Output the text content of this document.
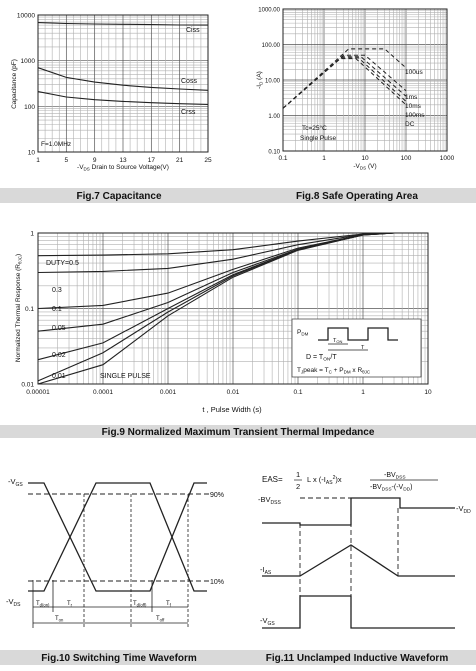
Ciss
Coss
Crss
F=1.0MHz
10000
1000
100
10
1	5	9	13	17	21	25
Capacitance (pF)
$-V_{DS}$ Drain to Source Voltage(V)
Fig.7 Capacitance
100us
1ms
10ms
100ms
DC
Tc=25°C
Single Pulse
1000.00
100.00
10.00
1.00
0.10
0.1	1	10	100	1000
$-I_D$ (A)
$-V_{DS}$ (V)
Fig.8 Safe Operating Area
DUTY=0.5
0.3
0.1
0.05
0.02
0.01	SINGLE PULSE
$P_{DM}$
$T_{ON}$
T
$D = T_{ON}/T$
$T_Jpeak = T_C + P_{DM}$ x $R_{\theta JC}$
1
0.1
0.01
0.00001	0.0001	0.001	0.01	0.1	1	10
Normalized Thermal Response $(R_{\theta JC})$
t , Pulse Width (s)
Fig.9 Normalized Maximum Transient Thermal Impedance
$-V_{GS}$
$-V_{DS}$
90%
10%
$T_{d(on)}$	$T_r$	$T_{d(off)}$	$T_f$
$T_{on}$	$T_{off}$
Fig.10 Switching Time Waveform
EAS=
1
2
L x $(-I_{AS}^2)x$	$-BV_{DSS}$
$-BV_{DSS}-(-V_{DD})$
$-BV_{DSS}$
$-V_{DD}$
$-I_{AS}$
$-V_{GS}$
Fig.11 Unclamped Inductive Waveform
